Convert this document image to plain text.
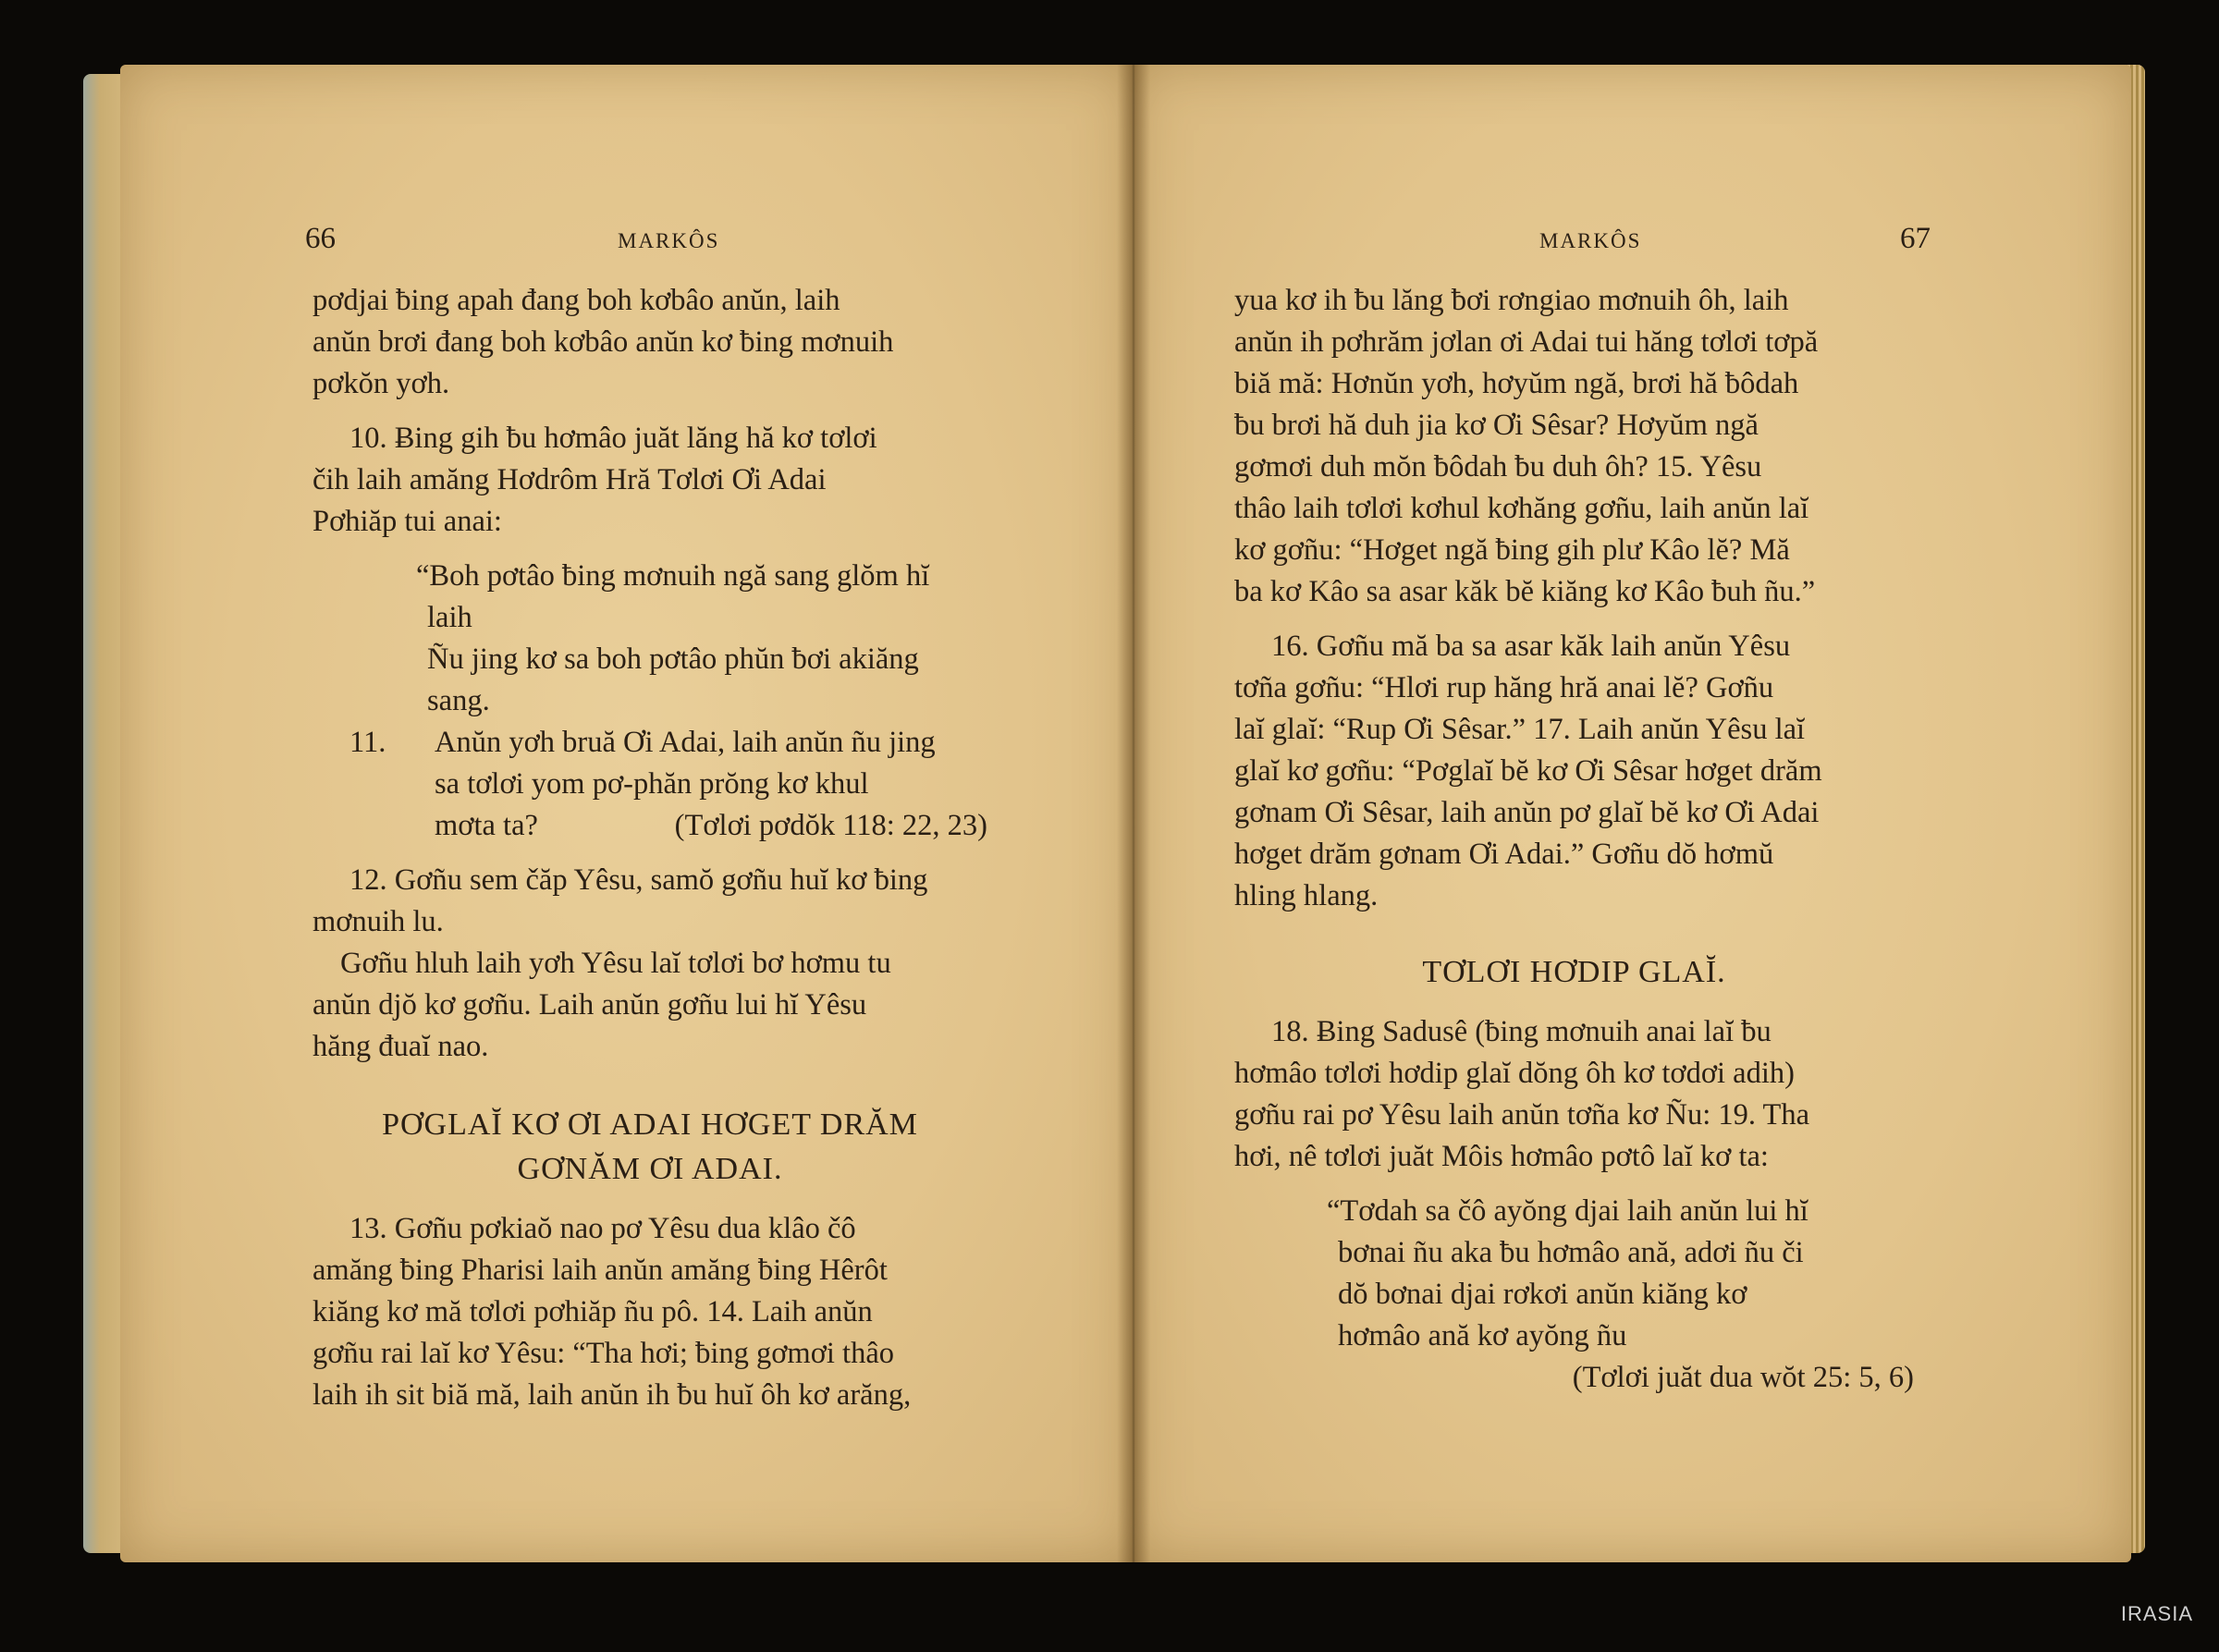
66	MARKÔS

pơdjai ƀing apah đang boh kơbâo anŭn, laih
anŭn brơi đang boh kơbâo anŭn kơ ƀing mơnuih
pơkŏn yơh.

10. Ƀing gih ƀu hơmâo juăt lăng hă kơ tơlơi
čih laih amăng Hơdrôm Hră Tơlơi Ơi Adai
Pơhiăp tui anai:

“Boh pơtâo ƀing mơnuih ngă sang glŏm hĭ
laih
Ñu jing kơ sa boh pơtâo phŭn ƀơi akiăng
sang.

11. Anŭn yơh bruă Ơi Adai, laih anŭn ñu jing
sa tơlơi yom pơ-phăn prŏng kơ khul
mơta ta?	(Tơlơi pơdŏk 118: 22, 23)

12. Gơñu sem čăp Yêsu, samŏ gơñu huĭ kơ ƀing
mơnuih lu.

Gơñu hluh laih yơh Yêsu laĭ tơlơi bơ hơmu tu
anŭn djŏ kơ gơñu. Laih anŭn gơñu lui hĭ Yêsu
hăng đuaĭ nao.

PƠGLAĬ KƠ ƠI ADAI HƠGET DRĂM
GƠNĂM ƠI ADAI.

13. Gơñu pơkiaŏ nao pơ Yêsu dua klâo čô
amăng ƀing Pharisi laih anŭn amăng ƀing Hêrôt
kiăng kơ mă tơlơi pơhiăp ñu pô. 14. Laih anŭn
gơñu rai laĭ kơ Yêsu: “Tha hơi; ƀing gơmơi thâo
laih ih sit biă mă, laih anŭn ih ƀu huĭ ôh kơ arăng,

MARKÔS	67

yua kơ ih ƀu lăng ƀơi rơngiao mơnuih ôh, laih
anŭn ih pơhrăm jơlan ơi Adai tui hăng tơlơi tơpă
biă mă: Hơnŭn yơh, hơyŭm ngă, brơi hă ƀôdah
ƀu brơi hă duh jia kơ Ơi Sêsar? Hơyŭm ngă
gơmơi duh mŏn ƀôdah ƀu duh ôh? 15. Yêsu
thâo laih tơlơi kơhul kơhăng gơñu, laih anŭn laĭ
kơ gơñu: “Hơget ngă ƀing gih plư Kâo lĕ? Mă
ba kơ Kâo sa asar kăk bĕ kiăng kơ Kâo ƀuh ñu.”

16. Gơñu mă ba sa asar kăk laih anŭn Yêsu
tơña gơñu: “Hlơi rup hăng hră anai lĕ? Gơñu
laĭ glaĭ: “Rup Ơi Sêsar.” 17. Laih anŭn Yêsu laĭ
glaĭ kơ gơñu: “Pơglaĭ bĕ kơ Ơi Sêsar hơget drăm
gơnam Ơi Sêsar, laih anŭn pơ glaĭ bĕ kơ Ơi Adai
hơget drăm gơnam Ơi Adai.” Gơñu dŏ hơmŭ
hling hlang.

TƠLƠI HƠDIP GLAĬ.

18. Ƀing Sadusê (ƀing mơnuih anai laĭ ƀu
hơmâo tơlơi hơdip glaĭ dŏng ôh kơ tơdơi adih)
gơñu rai pơ Yêsu laih anŭn tơña kơ Ñu: 19. Tha
hơi, nê tơlơi juăt Môis hơmâo pơtô laĭ kơ ta:

“Tơdah sa čô ayŏng djai laih anŭn lui hĭ
bơnai ñu aka ƀu hơmâo ană, adơi ñu či
dŏ bơnai djai rơkơi anŭn kiăng kơ
hơmâo ană kơ ayŏng ñu

(Tơlơi juăt dua wŏt 25: 5, 6)

IRASIA
